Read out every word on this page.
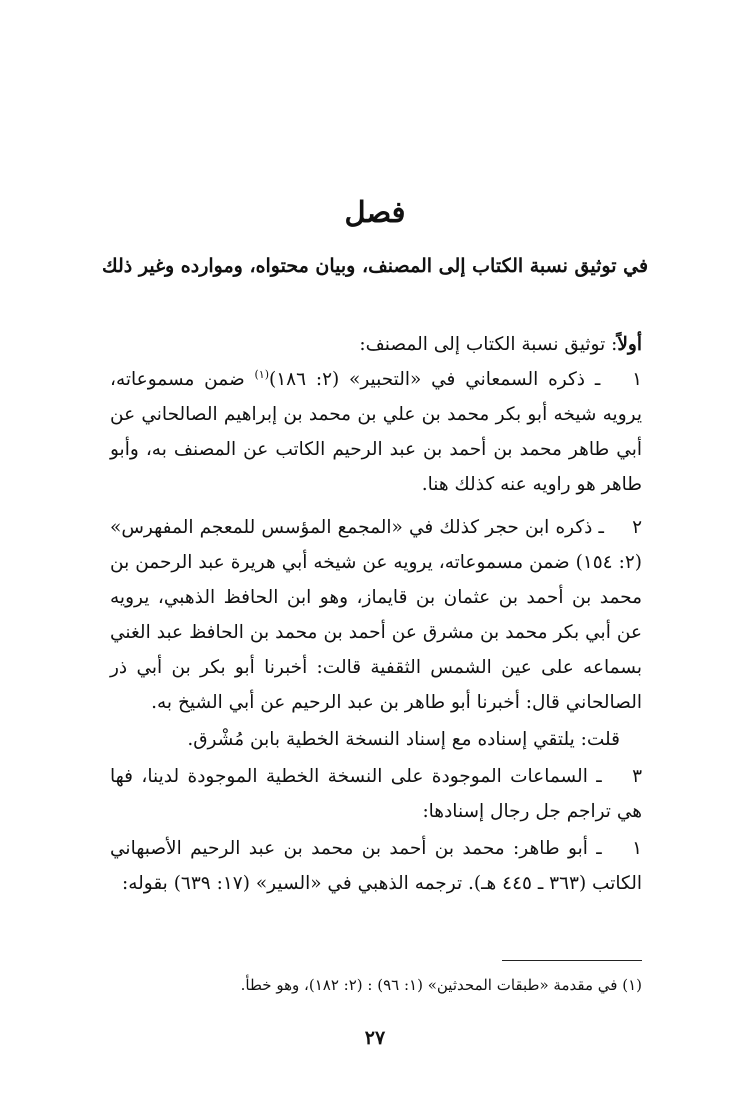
فصل
في توثيق نسبة الكتاب إلى المصنف، وبيان محتواه، وموارده وغير ذلك
أولاً: توثيق نسبة الكتاب إلى المصنف:

١ ـ ذكره السمعاني في «التحبير» (٢: ١٨٦)$^{(١)}$ ضمن مسموعاته، يرويه شيخه أبو بكر محمد بن علي بن محمد بن إبراهيم الصالحاني عن أبي طاهر محمد بن أحمد بن عبد الرحيم الكاتب عن المصنف به، وأبو طاهر هو راويه عنه كذلك هنا.

٢ ـ ذكره ابن حجر كذلك في «المجمع المؤسس للمعجم المفهرس» (٢: ١٥٤) ضمن مسموعاته، يرويه عن شيخه أبي هريرة عبد الرحمن بن محمد بن أحمد بن عثمان بن قايماز، وهو ابن الحافظ الذهبي، يرويه عن أبي بكر محمد بن مشرق عن أحمد بن محمد بن الحافظ عبد الغني بسماعه على عين الشمس الثقفية قالت: أخبرنا أبو بكر بن أبي ذر الصالحاني قال: أخبرنا أبو طاهر بن عبد الرحيم عن أبي الشيخ به.

قلت: يلتقي إسناده مع إسناد النسخة الخطية بابن مُشْرق.

٣ ـ السماعات الموجودة على النسخة الخطية الموجودة لدينا، فها هي تراجم جل رجال إسنادها:

١ ـ أبو طاهر: محمد بن أحمد بن محمد بن عبد الرحيم الأصبهاني الكاتب (٣٦٣ ـ ٤٤٥ هـ). ترجمه الذهبي في «السير» (١٧: ٦٣٩) بقوله:

(١) في مقدمة «طبقات المحدثين» (١: ٩٦) : (٢: ١٨٢)، وهو خطأ.
٢٧
